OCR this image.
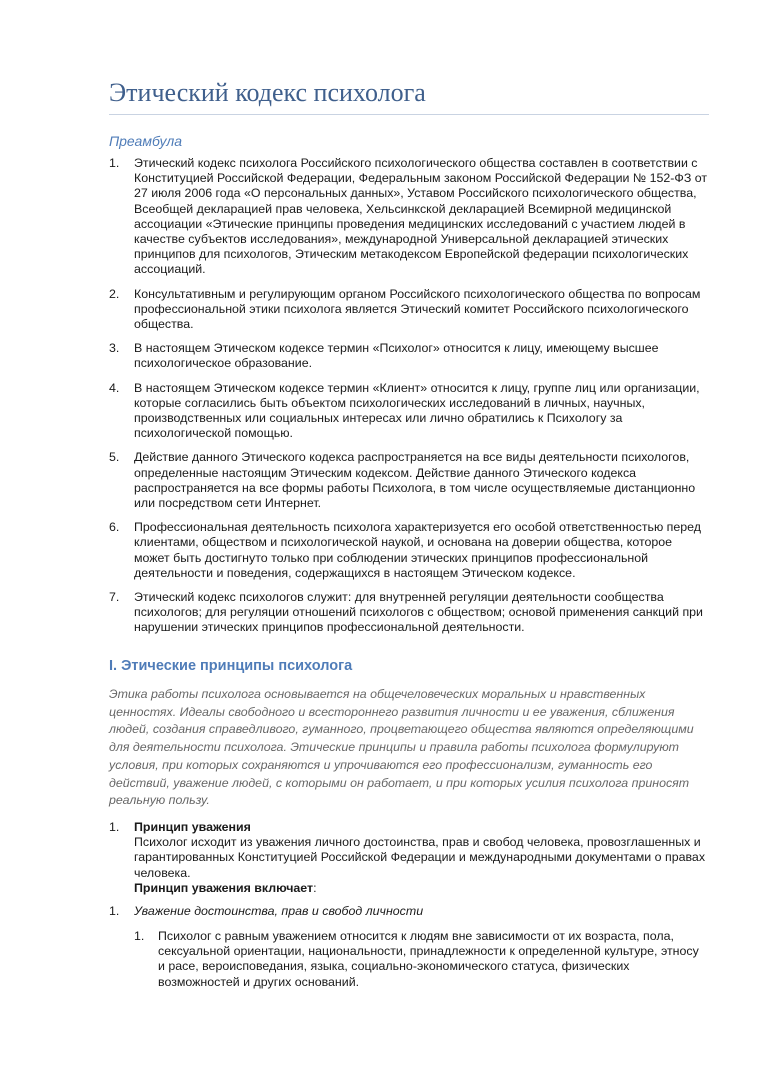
Этический кодекс психолога
Преамбула
1. Этический кодекс психолога Российского психологического общества составлен в соответствии с Конституцией Российской Федерации, Федеральным законом Российской Федерации № 152-ФЗ от 27 июля 2006 года «О персональных данных», Уставом Российского психологического общества, Всеобщей декларацией прав человека, Хельсинкской декларацией Всемирной медицинской ассоциации «Этические принципы проведения медицинских исследований с участием людей в качестве субъектов исследования», международной Универсальной декларацией этических принципов для психологов, Этическим метакодексом Европейской федерации психологических ассоциаций.
2. Консультативным и регулирующим органом Российского психологического общества по вопросам профессиональной этики психолога является Этический комитет Российского психологического общества.
3. В настоящем Этическом кодексе термин «Психолог» относится к лицу, имеющему высшее психологическое образование.
4. В настоящем Этическом кодексе термин «Клиент» относится к лицу, группе лиц или организации, которые согласились быть объектом психологических исследований в личных, научных, производственных или социальных интересах или лично обратились к Психологу за психологической помощью.
5. Действие данного Этического кодекса распространяется на все виды деятельности психологов, определенные настоящим Этическим кодексом. Действие данного Этического кодекса распространяется на все формы работы Психолога, в том числе осуществляемые дистанционно или посредством сети Интернет.
6. Профессиональная деятельность психолога характеризуется его особой ответственностью перед клиентами, обществом и психологической наукой, и основана на доверии общества, которое может быть достигнуто только при соблюдении этических принципов профессиональной деятельности и поведения, содержащихся в настоящем Этическом кодексе.
7. Этический кодекс психологов служит: для внутренней регуляции деятельности сообщества психологов; для регуляции отношений психологов с обществом; основой применения санкций при нарушении этических принципов профессиональной деятельности.
I. Этические принципы психолога

Этика работы психолога основывается на общечеловеческих моральных и нравственных ценностях. Идеалы свободного и всестороннего развития личности и ее уважения, сближения людей, создания справедливого, гуманного, процветающего общества являются определяющими для деятельности психолога. Этические принципы и правила работы психолога формулируют условия, при которых сохраняются и упрочиваются его профессионализм, гуманность его действий, уважение людей, с которыми он работает, и при которых усилия психолога приносят реальную пользу.

1. Принцип уважения
Психолог исходит из уважения личного достоинства, прав и свобод человека, провозглашенных и гарантированных Конституцией Российской Федерации и международными документами о правах человека.
Принцип уважения включает:
1.	Уважение достоинства, прав и свобод личности
1.	Психолог с равным уважением относится к людям вне зависимости от их возраста, пола, сексуальной ориентации, национальности, принадлежности к определенной культуре, этносу и расе, вероисповедания, языка, социально-экономического статуса, физических возможностей и других оснований.
